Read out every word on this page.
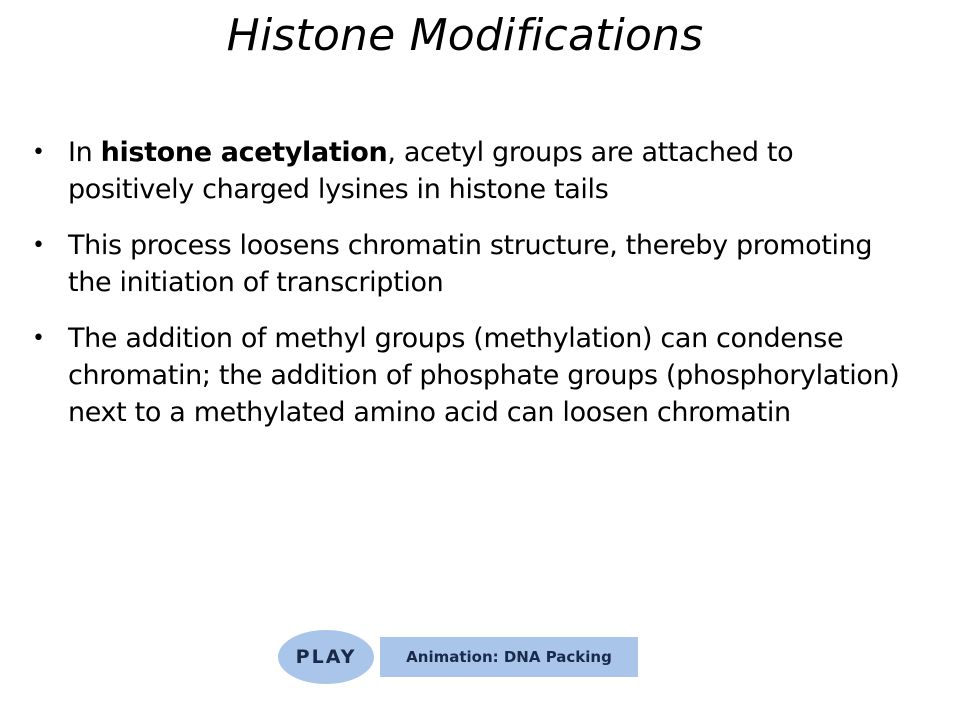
Histone Modifications
• In histone acetylation, acetyl groups are attached to positively charged lysines in histone tails
• This process loosens chromatin structure, thereby promoting the initiation of transcription
• The addition of methyl groups (methylation) can condense chromatin; the addition of phosphate groups (phosphorylation) next to a methylated amino acid can loosen chromatin
PLAY	Animation: DNA Packing
